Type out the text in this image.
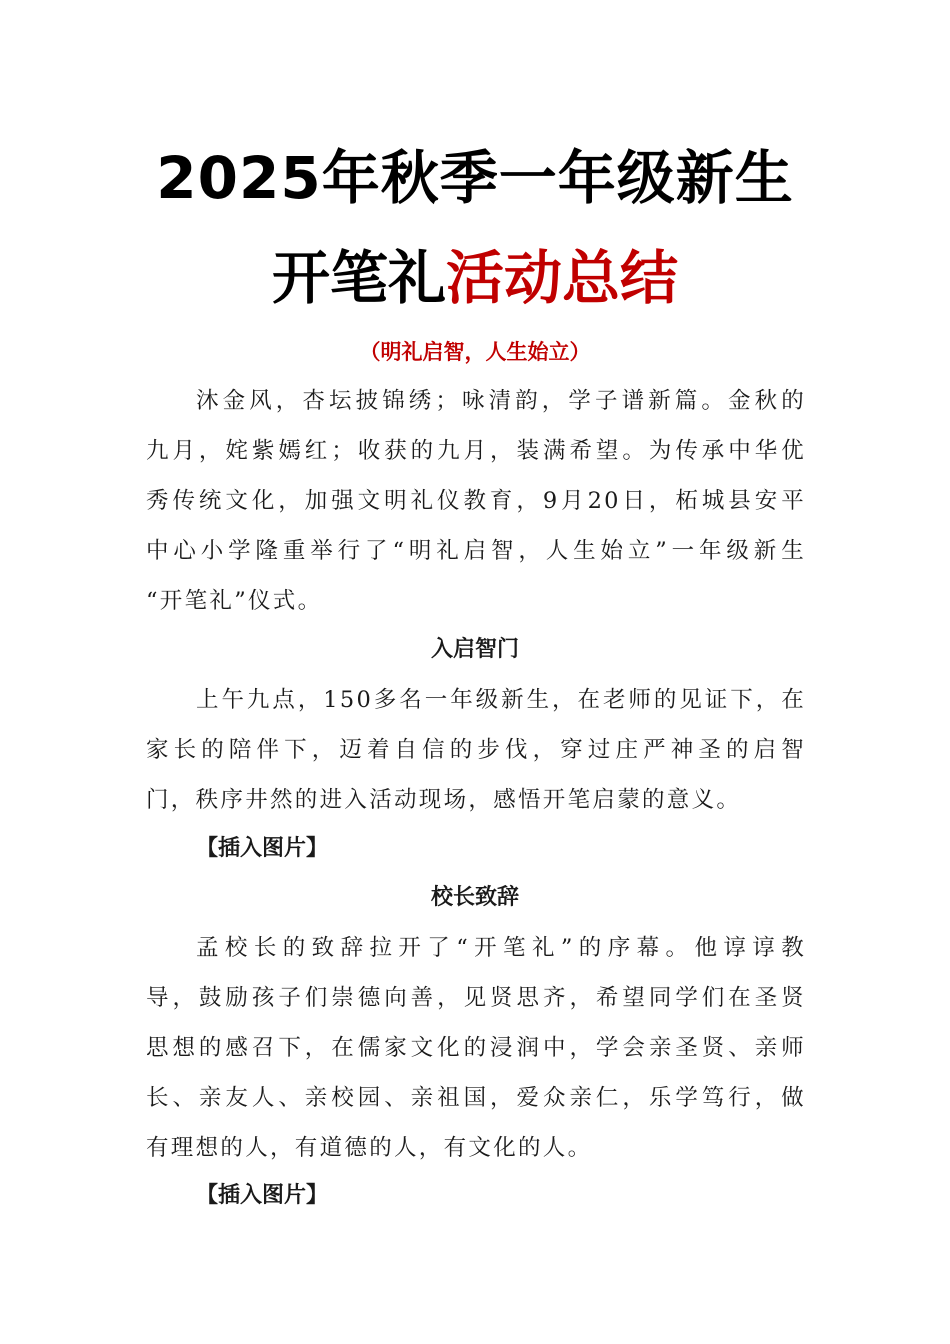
2025年秋季一年级新生
开笔礼活动总结
（明礼启智，人生始立）
沐金风，杏坛披锦绣；咏清韵，学子谱新篇。金秋的
九月，姹紫嫣红；收获的九月，装满希望。为传承中华优
秀传统文化，加强文明礼仪教育，9月20日，柘城县安平
中心小学隆重举行了“明礼启智，人生始立”一年级新生
“开笔礼”仪式。
入启智门
上午九点，150多名一年级新生，在老师的见证下，在
家长的陪伴下，迈着自信的步伐，穿过庄严神圣的启智
门，秩序井然的进入活动现场，感悟开笔启蒙的意义。
【插入图片】
校长致辞
孟校长的致辞拉开了“开笔礼”的序幕。他谆谆教
导，鼓励孩子们崇德向善，见贤思齐，希望同学们在圣贤
思想的感召下，在儒家文化的浸润中，学会亲圣贤、亲师
长、亲友人、亲校园、亲祖国，爱众亲仁，乐学笃行，做
有理想的人，有道德的人，有文化的人。
【插入图片】
